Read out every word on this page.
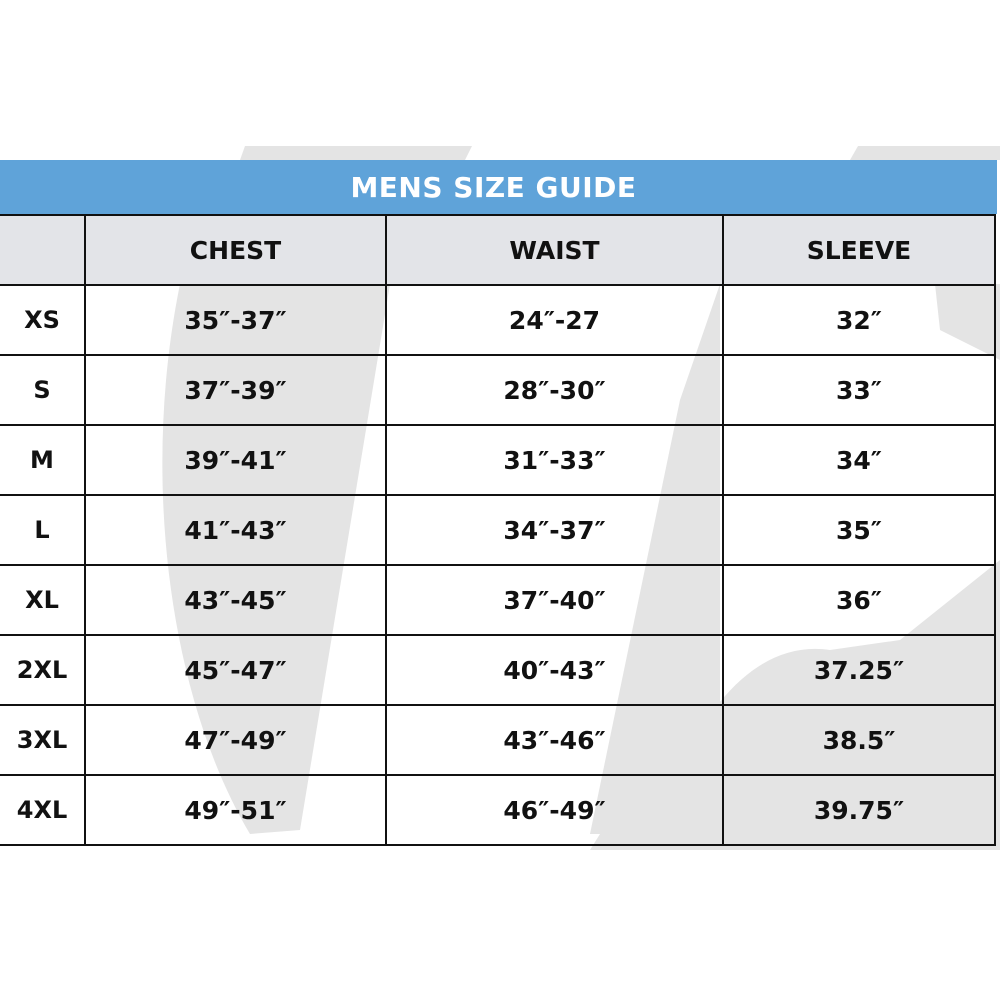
MENS SIZE GUIDE
	CHEST	WAIST	SLEEVE
XS	35″-37″	24″-27	32″
S	37″-39″	28″-30″	33″
M	39″-41″	31″-33″	34″
L	41″-43″	34″-37″	35″
XL	43″-45″	37″-40″	36″
2XL	45″-47″	40″-43″	37.25″
3XL	47″-49″	43″-46″	38.5″
4XL	49″-51″	46″-49″	39.75″
